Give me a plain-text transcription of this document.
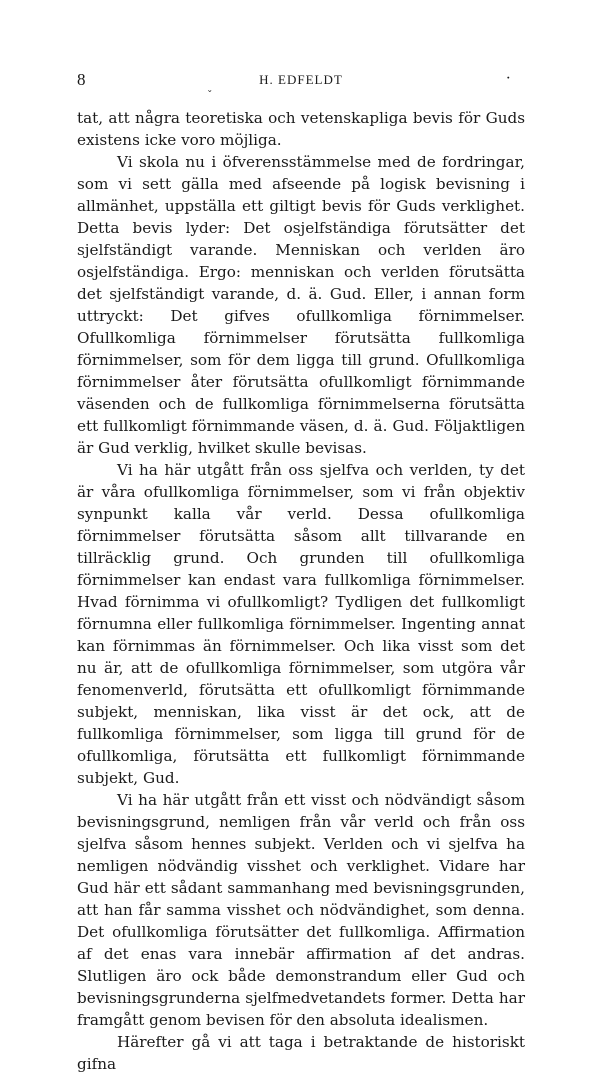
8	H. EDFELDT	·
ˇ

tat, att några teoretiska och vetenskapliga bevis för Guds existens icke voro möjliga.

Vi skola nu i öfverensstämmelse med de fordringar, som vi sett gälla med afseende på logisk bevisning i allmänhet, uppställa ett giltigt bevis för Guds verklighet. Detta bevis lyder: Det osjelfständiga förutsätter det sjelfständigt varande. Menniskan och verlden äro osjelfständiga. Ergo: menniskan och verlden förutsätta det sjelfständigt varande, d. ä. Gud. Eller, i annan form uttryckt: Det gifves ofullkomliga förnimmelser. Ofullkomliga förnimmelser förutsätta fullkomliga förnimmelser, som för dem ligga till grund. Ofullkomliga förnimmelser åter förutsätta ofullkomligt förnimmande väsenden och de fullkomliga förnimmelserna förutsätta ett fullkomligt förnimmande väsen, d. ä. Gud. Följaktligen är Gud verklig, hvilket skulle bevisas.

Vi ha här utgått från oss sjelfva och verlden, ty det är våra ofullkomliga förnimmelser, som vi från objektiv synpunkt kalla vår verld. Dessa ofullkomliga förnimmelser förutsätta såsom allt tillvarande en tillräcklig grund. Och grunden till ofullkomliga förnimmelser kan endast vara fullkomliga förnimmelser. Hvad förnimma vi ofullkomligt? Tydligen det fullkomligt förnumna eller fullkomliga förnimmelser. Ingenting annat kan förnimmas än förnimmelser. Och lika visst som det nu är, att de ofullkomliga förnimmelser, som utgöra vår fenomenverld, förutsätta ett ofullkomligt förnimmande subjekt, menniskan, lika visst är det ock, att de fullkomliga förnimmelser, som ligga till grund för de ofullkomliga, förutsätta ett fullkomligt förnimmande subjekt, Gud.

Vi ha här utgått från ett visst och nödvändigt såsom bevisningsgrund, nemligen från vår verld och från oss sjelfva såsom hennes subjekt. Verlden och vi sjelfva ha nemligen nödvändig visshet och verklighet. Vidare har Gud här ett sådant sammanhang med bevisningsgrunden, att han får samma visshet och nödvändighet, som denna. Det ofullkomliga förutsätter det fullkomliga. Affirmation af det enas vara innebär affirmation af det andras. Slutligen äro ock både demonstrandum eller Gud och bevisningsgrunderna sjelfmedvetandets former. Detta har framgått genom bevisen för den absoluta idealismen.

Härefter gå vi att taga i betraktande de historiskt gifna
